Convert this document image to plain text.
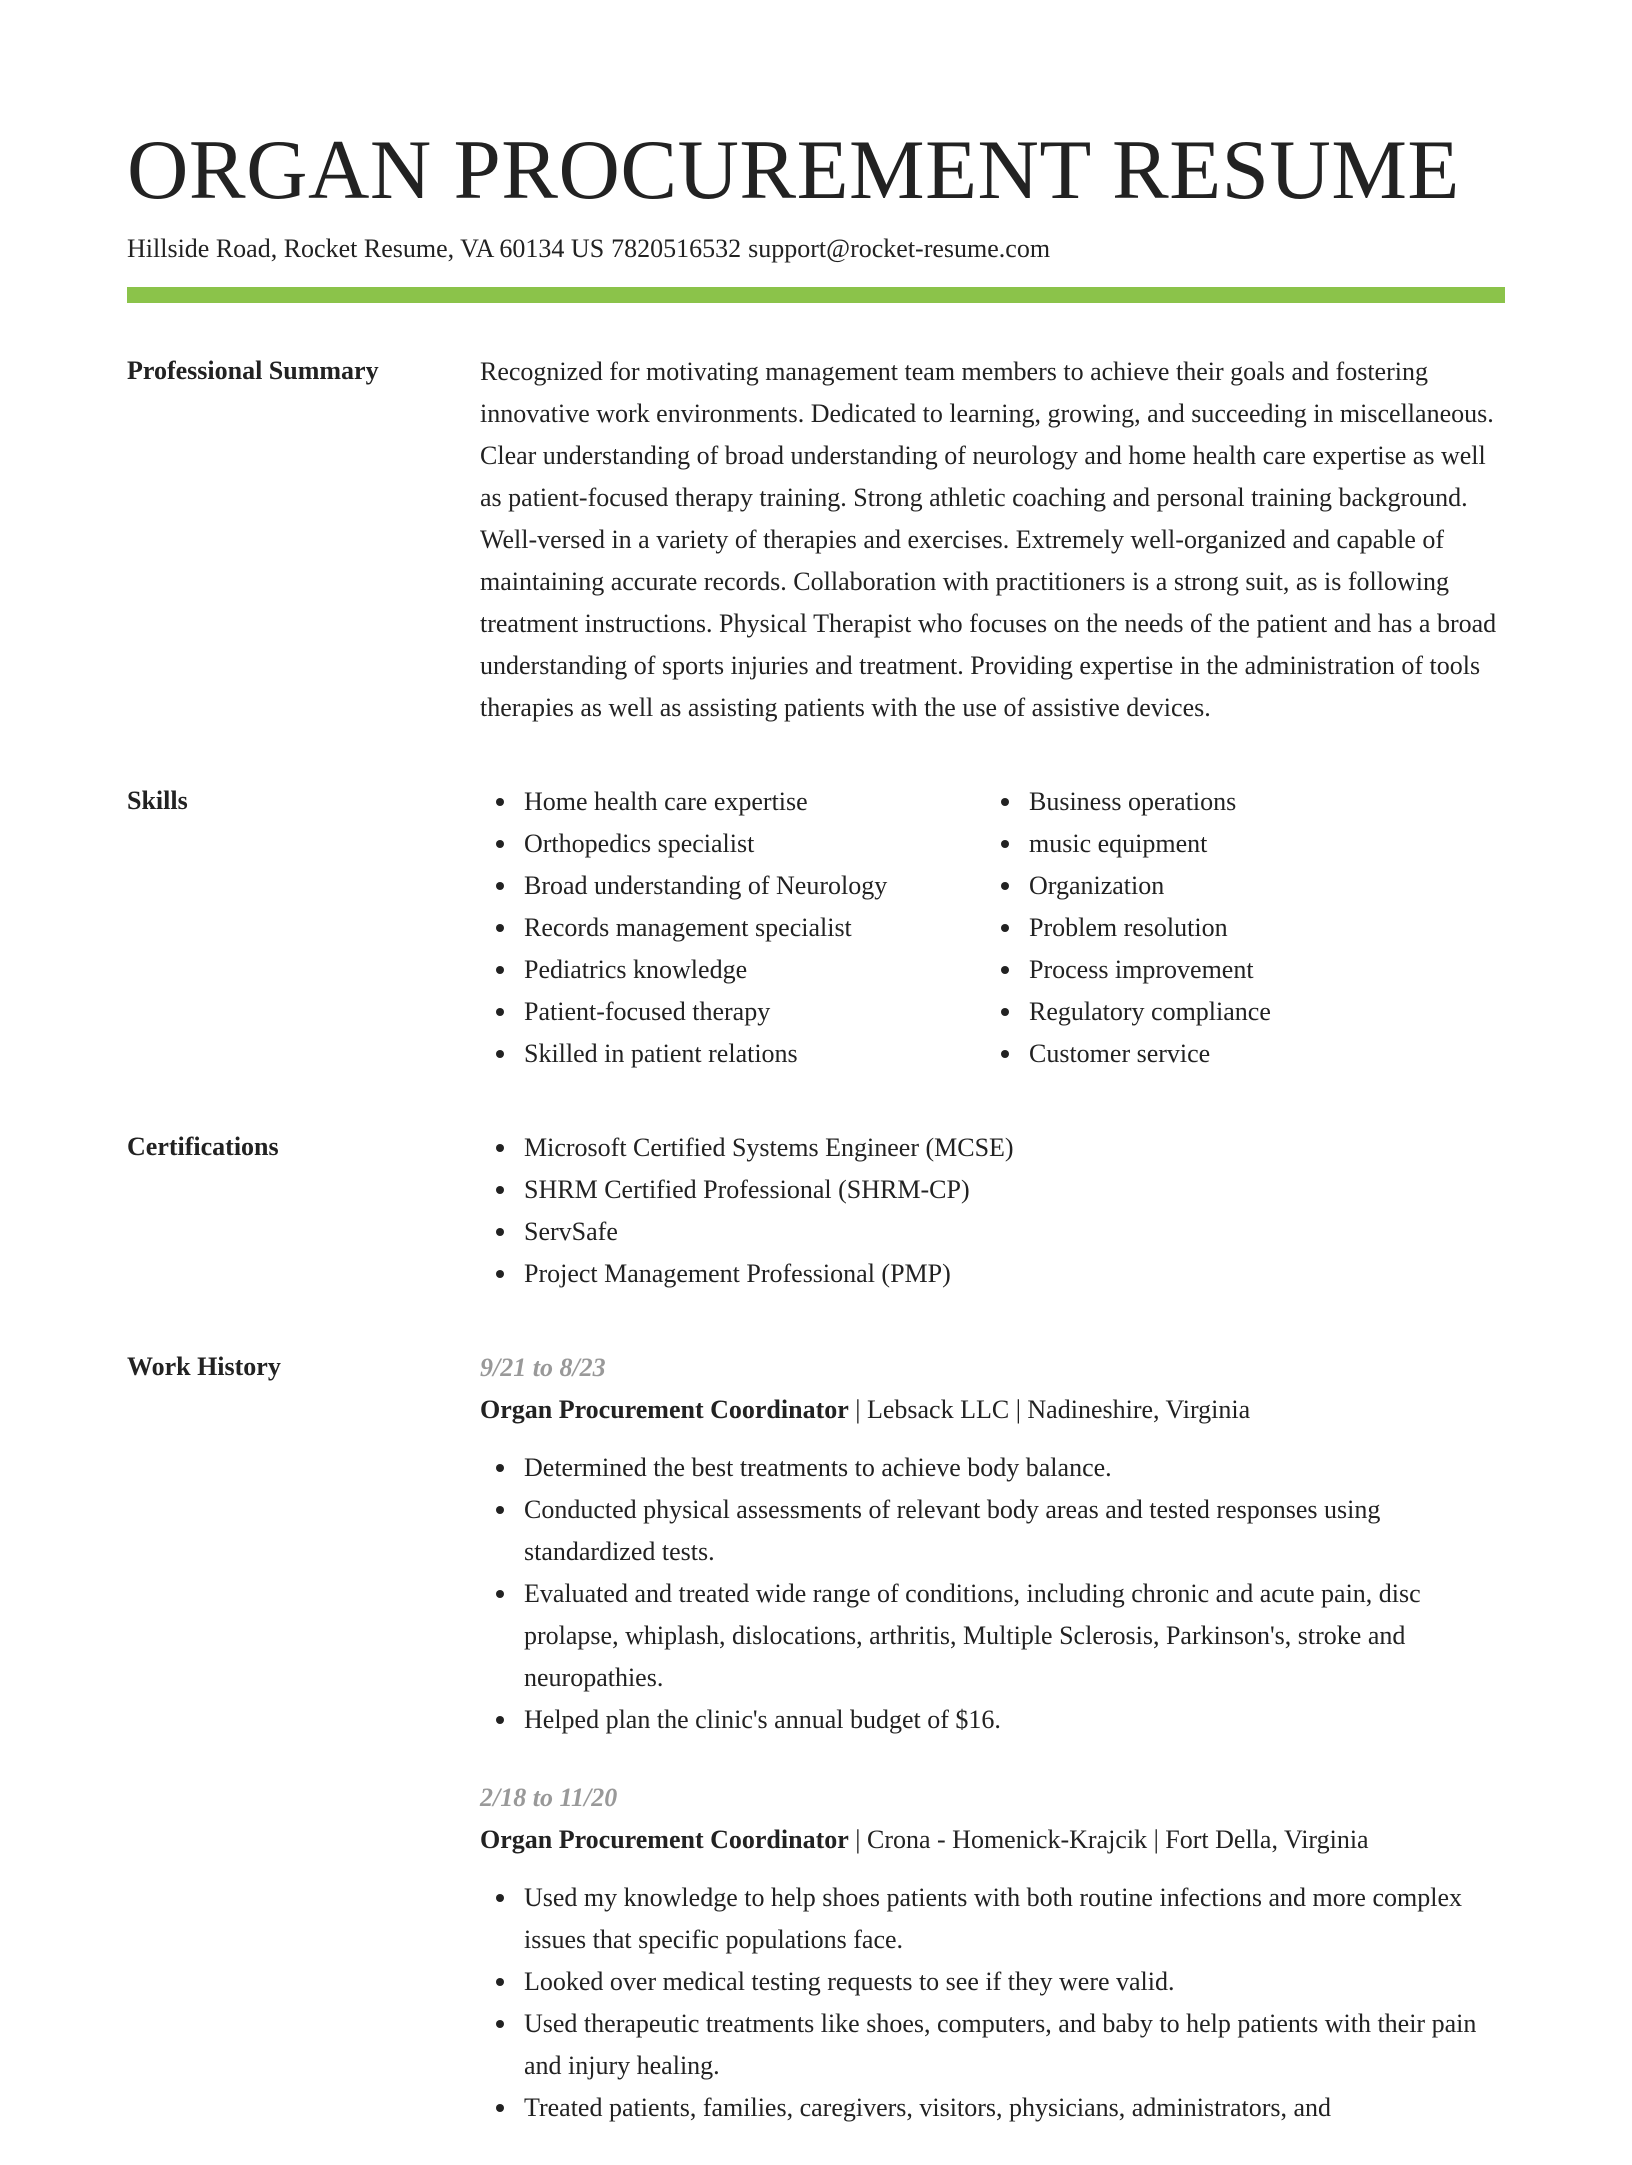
ORGAN PROCUREMENT RESUME
Hillside Road, Rocket Resume, VA 60134 US 7820516532 support@rocket-resume.com
Professional Summary	Recognized for motivating management team members to achieve their goals and fostering innovative work environments. Dedicated to learning, growing, and succeeding in miscellaneous. Clear understanding of broad understanding of neurology and home health care expertise as well as patient-focused therapy training. Strong athletic coaching and personal training background. Well-versed in a variety of therapies and exercises. Extremely well-organized and capable of maintaining accurate records. Collaboration with practitioners is a strong suit, as is following treatment instructions. Physical Therapist who focuses on the needs of the patient and has a broad understanding of sports injuries and treatment. Providing expertise in the administration of tools therapies as well as assisting patients with the use of assistive devices.

Skills	Home health care expertise
Orthopedics specialist
Broad understanding of Neurology
Records management specialist
Pediatrics knowledge
Patient-focused therapy
Skilled in patient relations
Business operations
music equipment
Organization
Problem resolution
Process improvement
Regulatory compliance
Customer service
Certifications	Microsoft Certified Systems Engineer (MCSE)
SHRM Certified Professional (SHRM-CP)
ServSafe
Project Management Professional (PMP)
Work History	9/21 to 8/23
Organ Procurement Coordinator | Lebsack LLC | Nadineshire, Virginia
Determined the best treatments to achieve body balance.
Conducted physical assessments of relevant body areas and tested responses using standardized tests.
Evaluated and treated wide range of conditions, including chronic and acute pain, disc prolapse, whiplash, dislocations, arthritis, Multiple Sclerosis, Parkinson's, stroke and neuropathies.
Helped plan the clinic's annual budget of $16.
2/18 to 11/20
Organ Procurement Coordinator | Crona - Homenick-Krajcik | Fort Della, Virginia
Used my knowledge to help shoes patients with both routine infections and more complex issues that specific populations face.
Looked over medical testing requests to see if they were valid.
Used therapeutic treatments like shoes, computers, and baby to help patients with their pain and injury healing.
Treated patients, families, caregivers, visitors, physicians, administrators, and
